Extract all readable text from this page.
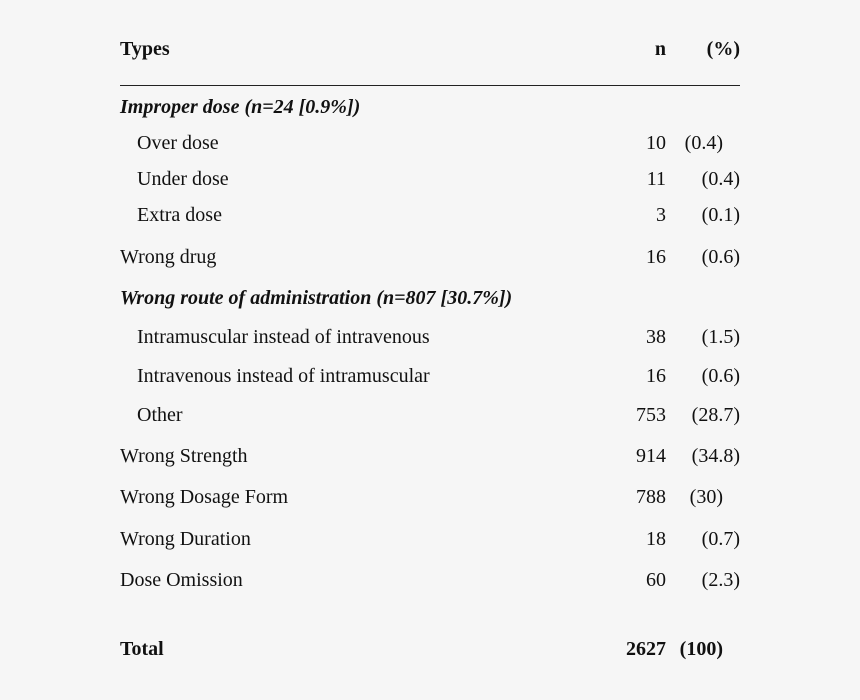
Types	n (%)
Improper dose (n=24 [0.9%])
Over dose	10 (0.4)
Under dose	11 (0.4)
Extra dose	3 (0.1)
Wrong drug	16 (0.6)
Wrong route of administration (n=807 [30.7%])
Intramuscular instead of intravenous	38 (1.5)
Intravenous instead of intramuscular	16 (0.6)
Other	753 (28.7)
Wrong Strength	914 (34.8)
Wrong Dosage Form	788 (30)
Wrong Duration	18 (0.7)
Dose Omission	60 (2.3)
Total	2627 (100)
